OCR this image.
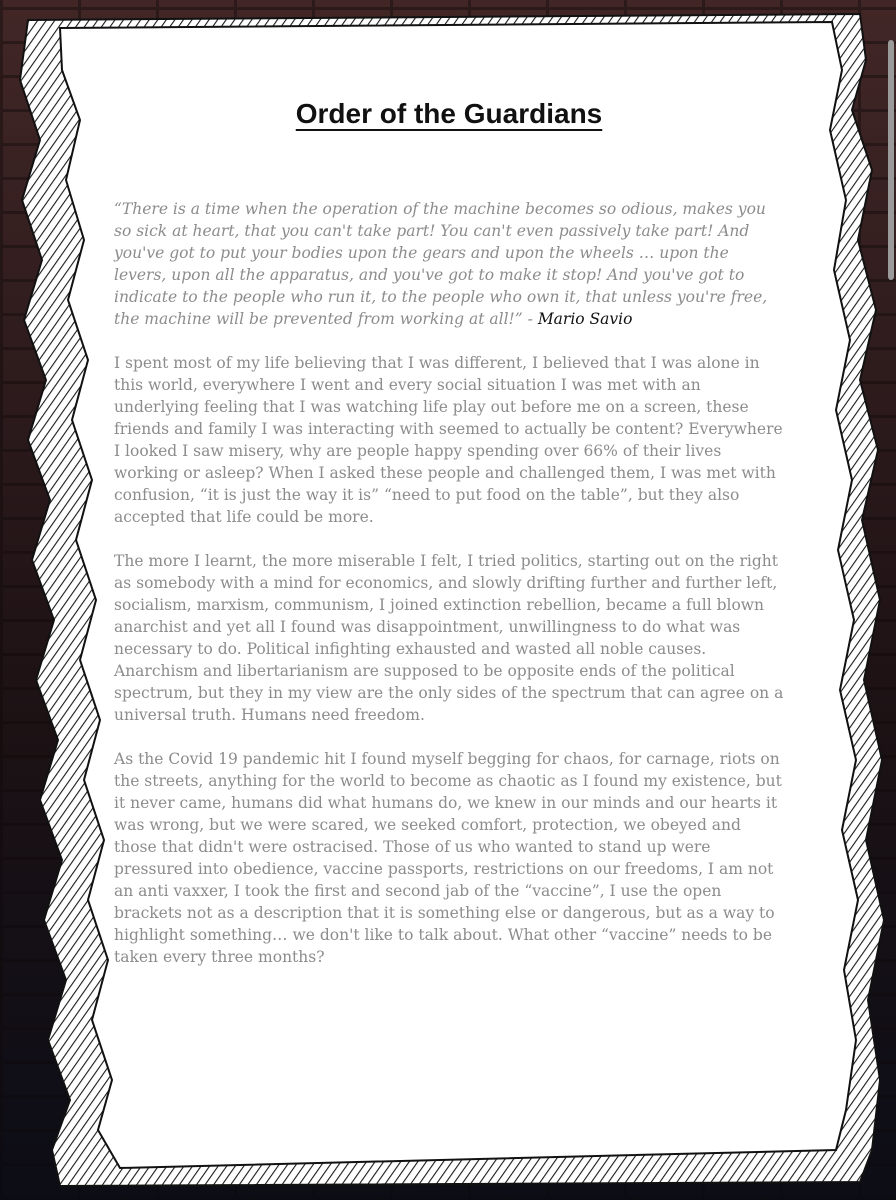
Order of the Guardians

“There is a time when the operation of the machine becomes so odious, makes you so sick at heart, that you can't take part! You can't even passively take part! And you've got to put your bodies upon the gears and upon the wheels … upon the levers, upon all the apparatus, and you've got to make it stop! And you've got to indicate to the people who run it, to the people who own it, that unless you're free, the machine will be prevented from working at all!” - Mario Savio

I spent most of my life believing that I was different, I believed that I was alone in this world, everywhere I went and every social situation I was met with an underlying feeling that I was watching life play out before me on a screen, these friends and family I was interacting with seemed to actually be content? Everywhere I looked I saw misery, why are people happy spending over 66% of their lives working or asleep? When I asked these people and challenged them, I was met with confusion, “it is just the way it is” “need to put food on the table”, but they also accepted that life could be more.

The more I learnt, the more miserable I felt, I tried politics, starting out on the right as somebody with a mind for economics, and slowly drifting further and further left, socialism, marxism, communism, I joined extinction rebellion, became a full blown anarchist and yet all I found was disappointment, unwillingness to do what was necessary to do. Political infighting exhausted and wasted all noble causes. Anarchism and libertarianism are supposed to be opposite ends of the political spectrum, but they in my view are the only sides of the spectrum that can agree on a universal truth. Humans need freedom.

As the Covid 19 pandemic hit I found myself begging for chaos, for carnage, riots on the streets, anything for the world to become as chaotic as I found my existence, but it never came, humans did what humans do, we knew in our minds and our hearts it was wrong, but we were scared, we seeked comfort, protection, we obeyed and those that didn't were ostracised. Those of us who wanted to stand up were pressured into obedience, vaccine passports, restrictions on our freedoms, I am not an anti vaxxer, I took the first and second jab of the “vaccine”, I use the open brackets not as a description that it is something else or dangerous, but as a way to highlight something… we don't like to talk about. What other “vaccine” needs to be taken every three months?
